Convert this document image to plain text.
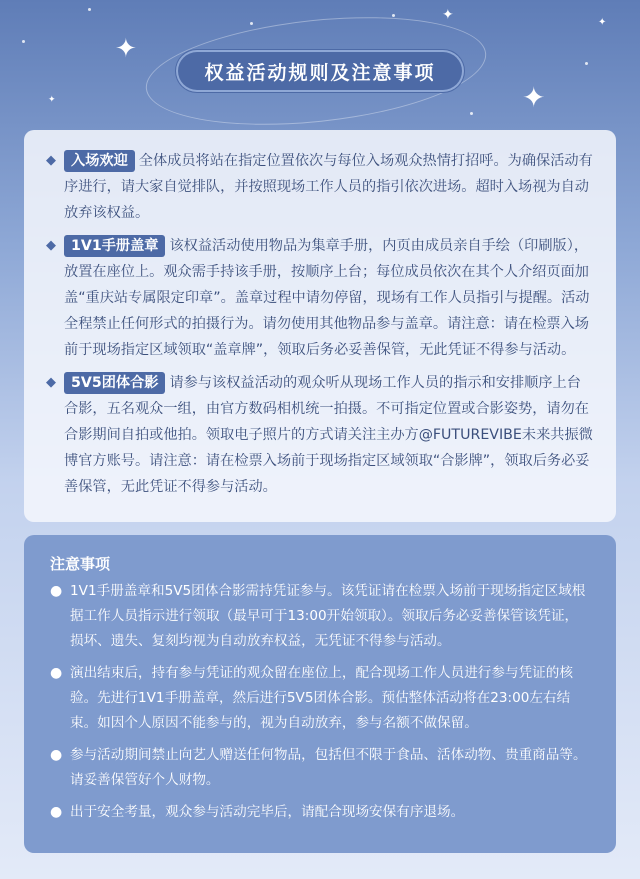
✦
✦
✦	✦
✦
权益活动规则及注意事项
◆ 入场欢迎 全体成员将站在指定位置依次与每位入场观众热情打招呼。为确保活动有序进行，请大家自觉排队，并按照现场工作人员的指引依次进场。超时入场视为自动放弃该权益。
◆ 1V1手册盖章 该权益活动使用物品为集章手册，内页由成员亲自手绘（印刷版），放置在座位上。观众需手持该手册，按顺序上台；每位成员依次在其个人介绍页面加盖“重庆站专属限定印章”。盖章过程中请勿停留，现场有工作人员指引与提醒。活动全程禁止任何形式的拍摄行为。请勿使用其他物品参与盖章。请注意：请在检票入场前于现场指定区域领取“盖章牌”，领取后务必妥善保管，无此凭证不得参与活动。
◆ 5V5团体合影 请参与该权益活动的观众听从现场工作人员的指示和安排顺序上台合影，五名观众一组，由官方数码相机统一拍摄。不可指定位置或合影姿势，请勿在合影期间自拍或他拍。领取电子照片的方式请关注主办方@FUTUREVIBE未来共振微博官方账号。请注意：请在检票入场前于现场指定区域领取“合影牌”，领取后务必妥善保管，无此凭证不得参与活动。
注意事项
● 1V1手册盖章和5V5团体合影需持凭证参与。该凭证请在检票入场前于现场指定区域根据工作人员指示进行领取（最早可于13:00开始领取）。领取后务必妥善保管该凭证，损坏、遗失、复刻均视为自动放弃权益，无凭证不得参与活动。
● 演出结束后，持有参与凭证的观众留在座位上，配合现场工作人员进行参与凭证的核验。先进行1V1手册盖章，然后进行5V5团体合影。预估整体活动将在23:00左右结束。如因个人原因不能参与的，视为自动放弃，参与名额不做保留。
● 参与活动期间禁止向艺人赠送任何物品，包括但不限于食品、活体动物、贵重商品等。请妥善保管好个人财物。
● 出于安全考量，观众参与活动完毕后，请配合现场安保有序退场。
